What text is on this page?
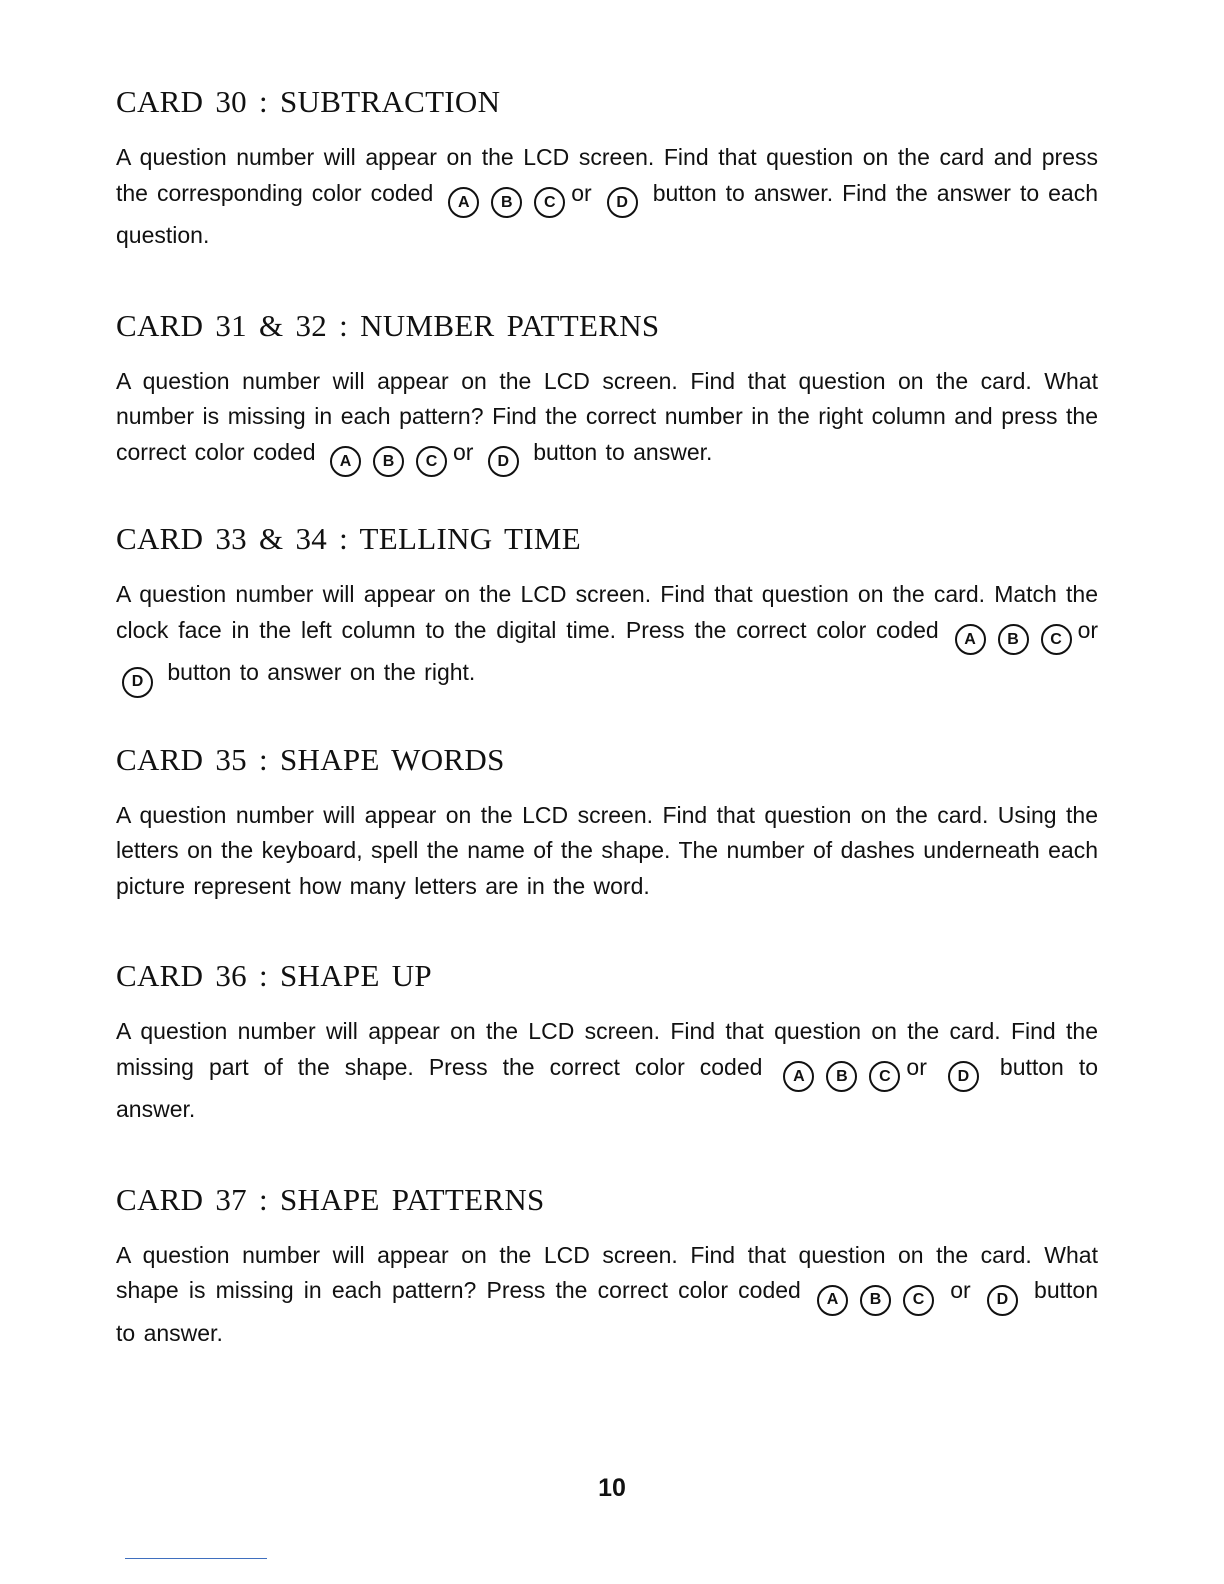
CARD 30 : SUBTRACTION

A question number will appear on the LCD screen. Find that question on the card and press the corresponding color coded A B C or D button to answer. Find the answer to each question.

CARD 31 & 32 : NUMBER PATTERNS

A question number will appear on the LCD screen. Find that question on the card. What number is missing in each pattern? Find the correct number in the right column and press the correct color coded A B C or D button to answer.

CARD 33 & 34 : TELLING TIME

A question number will appear on the LCD screen. Find that question on the card. Match the clock face in the left column to the digital time. Press the correct color coded A B C or D button to answer on the right.

CARD 35 : SHAPE WORDS

A question number will appear on the LCD screen. Find that question on the card. Using the letters on the keyboard, spell the name of the shape. The number of dashes underneath each picture represent how many letters are in the word.

CARD 36 : SHAPE UP

A question number will appear on the LCD screen. Find that question on the card. Find the missing part of the shape. Press the correct color coded A B C or D button to answer.

CARD 37 : SHAPE PATTERNS

A question number will appear on the LCD screen. Find that question on the card. What shape is missing in each pattern? Press the correct color coded A B C or D button to answer.

10
